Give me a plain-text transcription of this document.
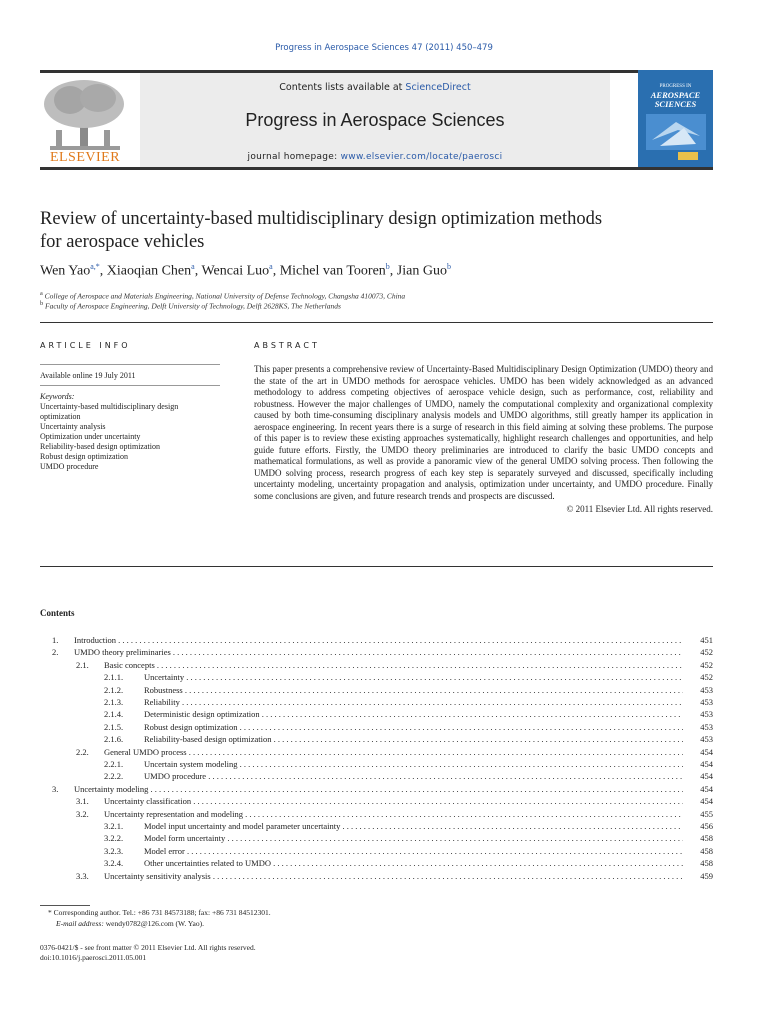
Progress in Aerospace Sciences 47 (2011) 450–479
ELSEVIER
Contents lists available at ScienceDirect
Progress in Aerospace Sciences
journal homepage: www.elsevier.com/locate/paerosci
PROGRESS IN
AEROSPACE
SCIENCES
Review of uncertainty-based multidisciplinary design optimization methods
for aerospace vehicles
Wen Yao$^{a,*}$, Xiaoqian Chen$^a$, Wencai Luo$^a$, Michel van Tooren$^b$, Jian Guo$^b$
$^a$ College of Aerospace and Materials Engineering, National University of Defense Technology, Changsha 410073, China
$^b$ Faculty of Aerospace Engineering, Delft University of Technology, Delft 2628KS, The Netherlands
ARTICLE INFO	ABSTRACT
Available online 19 July 2011
Keywords:
Uncertainty-based multidisciplinary design
optimization
Uncertainty analysis
Optimization under uncertainty
Reliability-based design optimization
Robust design optimization
UMDO procedure
This paper presents a comprehensive review of Uncertainty-Based Multidisciplinary Design Optimization (UMDO) theory and the state of the art in UMDO methods for aerospace vehicles. UMDO has been widely acknowledged as an advanced methodology to address competing objectives of aerospace vehicle design, such as performance, cost, reliability and robustness. However the major challenges of UMDO, namely the computational complexity and organizational complexity caused by both time-consuming disciplinary analysis models and UMDO algorithms, still greatly hamper its application in aerospace engineering. In recent years there is a surge of research in this field aiming at solving these problems. The purpose of this paper is to review these existing approaches systematically, highlight research challenges and opportunities, and help guide future efforts. Firstly, the UMDO theory preliminaries are introduced to clarify the basic UMDO concepts and mathematical formulations, as well as provide a panoramic view of the general UMDO solving process. Then following the UMDO solving process, research progress of each key step is separately surveyed and discussed, specifically including uncertainty modeling, uncertainty propagation and analysis, optimization under uncertainty, and UMDO procedure. Finally some conclusions are given, and future research trends and prospects are discussed.
© 2011 Elsevier Ltd. All rights reserved.
Contents
1. Introduction . . .	451
2. UMDO theory preliminaries . . .	452
2.1. Basic concepts . . .	452
2.1.1. Uncertainty . . .	452
2.1.2. Robustness . . .	453
2.1.3. Reliability . . .	453
2.1.4. Deterministic design optimization . . .	453
2.1.5. Robust design optimization . . .	453
2.1.6. Reliability-based design optimization . . .	453
2.2. General UMDO process . . .	454
2.2.1. Uncertain system modeling . . .	454
2.2.2. UMDO procedure . . .	454
3. Uncertainty modeling . . .	454
3.1. Uncertainty classification . . .	454
3.2. Uncertainty representation and modeling . . .	455
3.2.1. Model input uncertainty and model parameter uncertainty . . .	456
3.2.2. Model form uncertainty . . .	458
3.2.3. Model error . . .	458
3.2.4. Other uncertainties related to UMDO . . .	458
3.3. Uncertainty sensitivity analysis . . .	459
* Corresponding author. Tel.: +86 731 84573188; fax: +86 731 84512301.
E-mail address: wendy0782@126.com (W. Yao).
0376-0421/$ - see front matter © 2011 Elsevier Ltd. All rights reserved.
doi:10.1016/j.paerosci.2011.05.001
